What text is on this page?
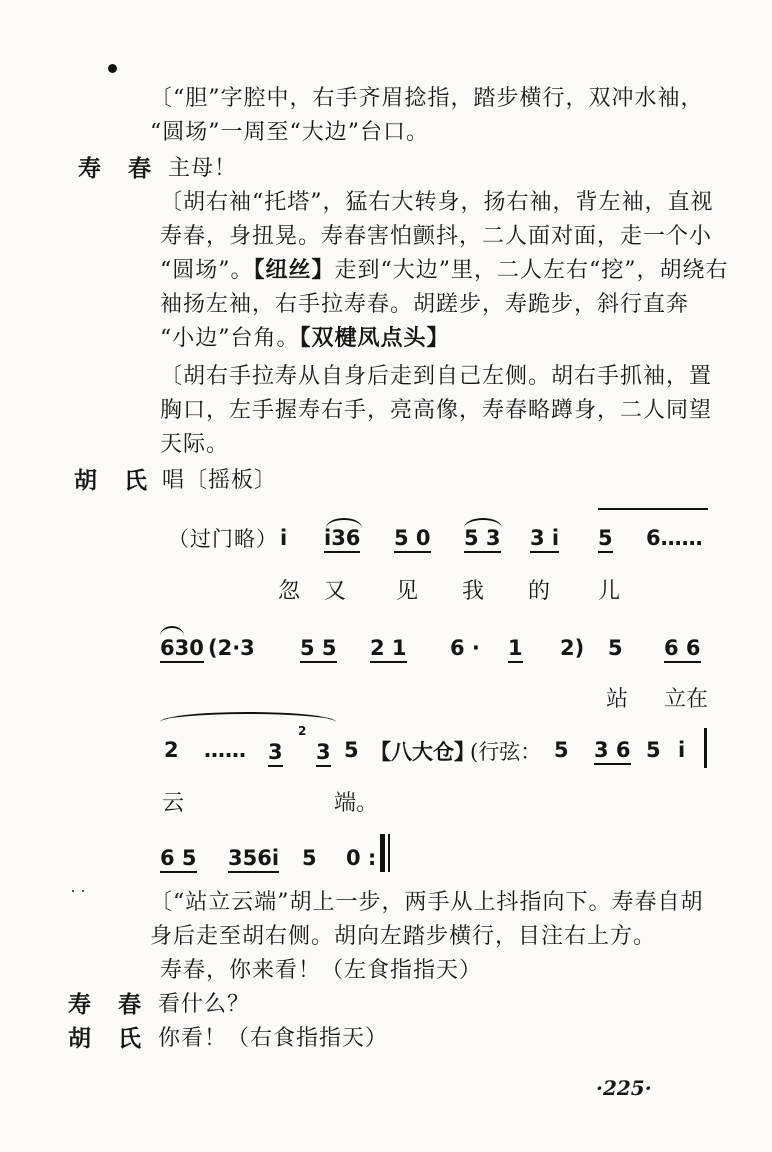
〔“胆”字腔中，右手齐眉捻指，踏步横行，双冲水袖，
“圆场”一周至“大边”台口。
寿　春 主母！
〔胡右袖“托塔”，猛右大转身，扬右袖，背左袖，直视
寿春，身扭晃。寿春害怕颤抖，二人面对面，走一个小
“圆场”。【纽丝】走到“大边”里，二人左右“挖”，胡绕右
袖扬左袖，右手拉寿春。胡蹉步，寿跪步，斜行直奔
“小边”台角。【双楗凤点头】
〔胡右手拉寿从自身后走到自己左侧。胡右手抓袖，置
胸口，左手握寿右手，亮高像，寿春略蹲身，二人同望
天际。
胡　氏 唱〔摇板〕
（过门略） i i36 5 0 5 3 3 i 5 6……
忽 又 见 我 的 儿
630 (2·3 5 5 2 1 6 · 1 2) 5 6 6
站 立在
2 …… 3
2
3 5 【八大仓】
(行弦： 5 3 6 5 i
云	端。
6 5 356i 5 0 :
〔“站立云端”胡上一步，两手从上抖指向下。寿春自胡
身后走至胡右侧。胡向左踏步横行，目注右上方。
寿春，你来看！（左食指指天）
寿　春 看什么？
胡　氏 你看！（右食指指天）
·225·
